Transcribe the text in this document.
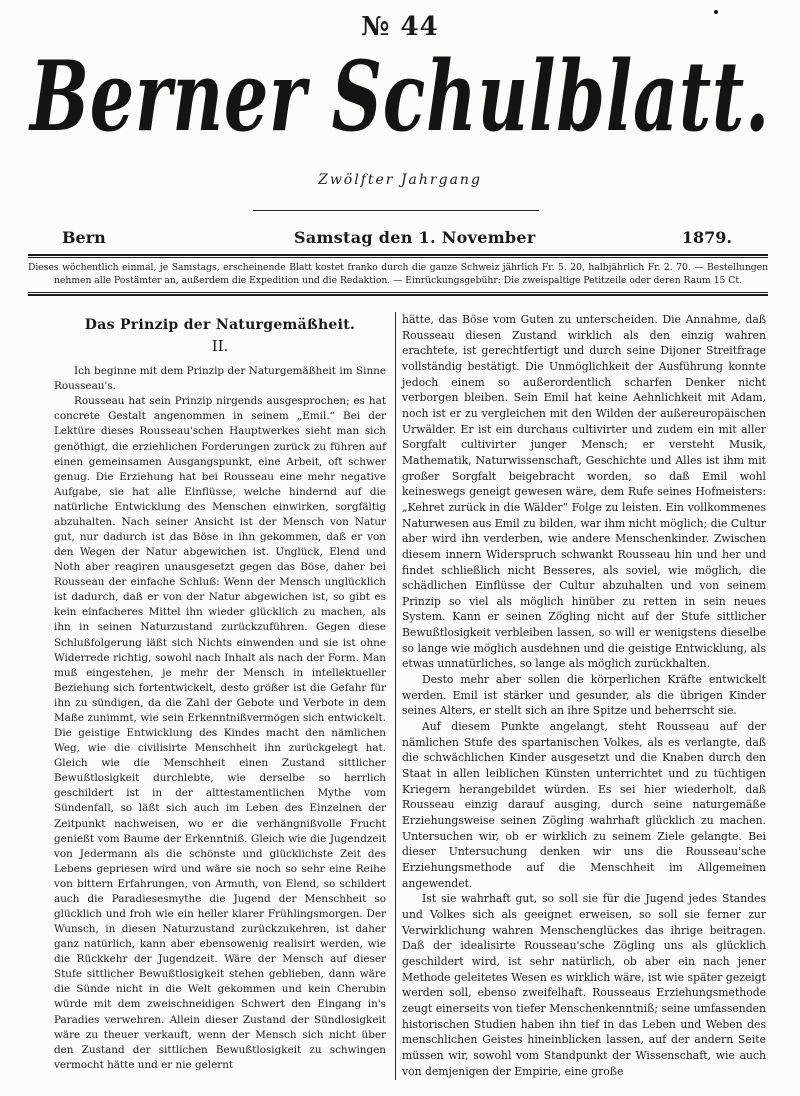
№ 44
Berner Schulblatt.
Zwölfter Jahrgang
Bern	Samstag den 1. November	1879.
Dieses wöchentlich einmal, je Samstags, erscheinende Blatt kostet franko durch die ganze Schweiz jährlich Fr. 5. 20, halbjährlich Fr. 2. 70. — Bestellungen nehmen alle Postämter an, außerdem die Expedition und die Redaktion. — Einrückungsgebühr: Die zweispaltige Petitzeile oder deren Raum 15 Ct.
Das Prinzip der Naturgemäßheit.
II.

Ich beginne mit dem Prinzip der Naturgemäßheit im Sinne Rousseau's.

Rousseau hat sein Prinzip nirgends ausgesprochen; es hat concrete Gestalt angenommen in seinem „Emil.“ Bei der Lektüre dieses Rousseau'schen Hauptwerkes sieht man sich genöthigt, die erziehlichen Forderungen zurück zu führen auf einen gemeinsamen Ausgangspunkt, eine Arbeit, oft schwer genug. Die Erziehung hat bei Rousseau eine mehr negative Aufgabe, sie hat alle Einflüsse, welche hindernd auf die natürliche Entwicklung des Menschen einwirken, sorgfältig abzuhalten. Nach seiner Ansicht ist der Mensch von Natur gut, nur dadurch ist das Böse in ihn gekommen, daß er von den Wegen der Natur abgewichen ist. Unglück, Elend und Noth aber reagiren unausgesetzt gegen das Böse, daher bei Rousseau der einfache Schluß: Wenn der Mensch unglücklich ist dadurch, daß er von der Natur abgewichen ist, so gibt es kein einfacheres Mittel ihn wieder glücklich zu machen, als ihn in seinen Naturzustand zurückzuführen. Gegen diese Schlußfolgerung läßt sich Nichts einwenden und sie ist ohne Widerrede richtig, sowohl nach Inhalt als nach der Form. Man muß eingestehen, je mehr der Mensch in intellektueller Beziehung sich fortentwickelt, desto größer ist die Gefahr für ihn zu sündigen, da die Zahl der Gebote und Verbote in dem Maße zunimmt, wie sein Erkenntnißvermögen sich entwickelt. Die geistige Entwicklung des Kindes macht den nämlichen Weg, wie die civilisirte Menschheit ihn zurückgelegt hat. Gleich wie die Menschheit einen Zustand sittlicher Bewußtlosigkeit durchlebte, wie derselbe so herrlich geschildert ist in der alttestamentlichen Mythe vom Sündenfall, so läßt sich auch im Leben des Einzelnen der Zeitpunkt nachweisen, wo er die verhängnißvolle Frucht genießt vom Baume der Erkenntniß. Gleich wie die Jugendzeit von Jedermann als die schönste und glücklichste Zeit des Lebens gepriesen wird und wäre sie noch so sehr eine Reihe von bittern Erfahrungen, von Armuth, von Elend, so schildert auch die Paradiesesmythe die Jugend der Menschheit so glücklich und froh wie ein heller klarer Frühlingsmorgen. Der Wunsch, in diesen Naturzustand zurückzukehren, ist daher ganz natürlich, kann aber ebensowenig realisirt werden, wie die Rückkehr der Jugendzeit. Wäre der Mensch auf dieser Stufe sittlicher Bewußtlosigkeit stehen geblieben, dann wäre die Sünde nicht in die Welt gekommen und kein Cherubin würde mit dem zweischneidigen Schwert den Eingang in's Paradies verwehren. Allein dieser Zustand der Sündlosigkeit wäre zu theuer verkauft, wenn der Mensch sich nicht über den Zustand der sittlichen Bewußtlosigkeit zu schwingen vermocht hätte und er nie gelernt

hätte, das Böse vom Guten zu unterscheiden. Die Annahme, daß Rousseau diesen Zustand wirklich als den einzig wahren erachtete, ist gerechtfertigt und durch seine Dijoner Streitfrage vollständig bestätigt. Die Unmöglichkeit der Ausführung konnte jedoch einem so außerordentlich scharfen Denker nicht verborgen bleiben. Sein Emil hat keine Aehnlichkeit mit Adam, noch ist er zu vergleichen mit den Wilden der außereuropäischen Urwälder. Er ist ein durchaus cultivirter und zudem ein mit aller Sorgfalt cultivirter junger Mensch; er versteht Musik, Mathematik, Naturwissenschaft, Geschichte und Alles ist ihm mit großer Sorgfalt beigebracht worden, so daß Emil wohl keineswegs geneigt gewesen wäre, dem Rufe seines Hofmeisters: „Kehret zurück in die Wälder“ Folge zu leisten. Ein vollkommenes Naturwesen aus Emil zu bilden, war ihm nicht möglich; die Cultur aber wird ihn verderben, wie andere Menschenkinder. Zwischen diesem innern Widerspruch schwankt Rousseau hin und her und findet schließlich nicht Besseres, als soviel, wie möglich, die schädlichen Einflüsse der Cultur abzuhalten und von seinem Prinzip so viel als möglich hinüber zu retten in sein neues System. Kann er seinen Zögling nicht auf der Stufe sittlicher Bewußtlosigkeit verbleiben lassen, so will er wenigstens dieselbe so lange wie möglich ausdehnen und die geistige Entwicklung, als etwas unnatürliches, so lange als möglich zurückhalten.

Desto mehr aber sollen die körperlichen Kräfte entwickelt werden. Emil ist stärker und gesunder, als die übrigen Kinder seines Alters, er stellt sich an ihre Spitze und beherrscht sie.

Auf diesem Punkte angelangt, steht Rousseau auf der nämlichen Stufe des spartanischen Volkes, als es verlangte, daß die schwächlichen Kinder ausgesetzt und die Knaben durch den Staat in allen leiblichen Künsten unterrichtet und zu tüchtigen Kriegern herangebildet würden. Es sei hier wiederholt, daß Rousseau einzig darauf ausging, durch seine naturgemäße Erziehungsweise seinen Zögling wahrhaft glücklich zu machen. Untersuchen wir, ob er wirklich zu seinem Ziele gelangte. Bei dieser Untersuchung denken wir uns die Rousseau'sche Erziehungsmethode auf die Menschheit im Allgemeinen angewendet.

Ist sie wahrhaft gut, so soll sie für die Jugend jedes Standes und Volkes sich als geeignet erweisen, so soll sie ferner zur Verwirklichung wahren Menschenglückes das ihrige beitragen. Daß der idealisirte Rousseau'sche Zögling uns als glücklich geschildert wird, ist sehr natürlich, ob aber ein nach jener Methode geleitetes Wesen es wirklich wäre, ist wie später gezeigt werden soll, ebenso zweifelhaft. Rousseaus Erziehungsmethode zeugt einerseits von tiefer Menschenkenntniß; seine umfassenden historischen Studien haben ihn tief in das Leben und Weben des menschlichen Geistes hineinblicken lassen, auf der andern Seite müssen wir, sowohl vom Standpunkt der Wissenschaft, wie auch von demjenigen der Empirie, eine große
